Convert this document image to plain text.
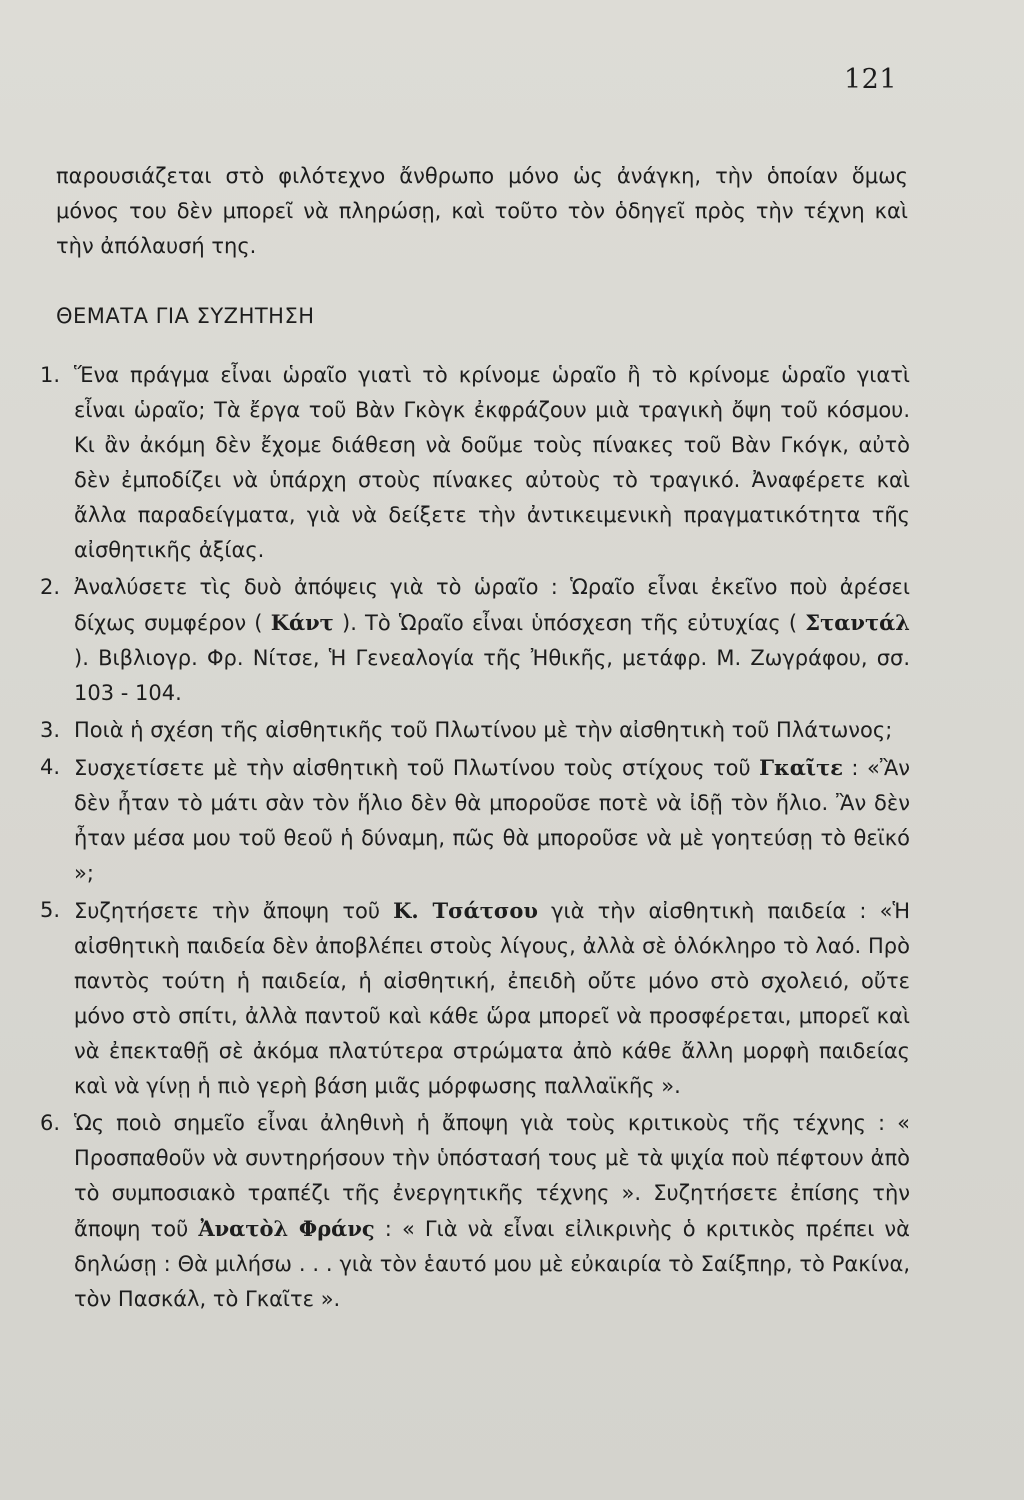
121

παρουσιάζεται στὸ φιλότεχνο ἄνθρωπο μόνο ὡς ἀνάγκη, τὴν ὁποίαν ὅμως μόνος του δὲν μπορεῖ νὰ πληρώσῃ, καὶ τοῦτο τὸν ὁδηγεῖ πρὸς τὴν τέχνη καὶ τὴν ἀπόλαυσή της.

ΘΕΜΑΤΑ ΓΙΑ ΣΥΖΗΤΗΣΗ
1. Ἕνα πράγμα εἶναι ὡραῖο γιατὶ τὸ κρίνομε ὡραῖο ἢ τὸ κρίνομε ὡραῖο γιατὶ εἶναι ὡραῖο; Τὰ ἔργα τοῦ Βὰν Γκὸγκ ἐκφράζουν μιὰ τραγικὴ ὄψη τοῦ κόσμου. Κι ἂν ἀκόμη δὲν ἔχομε διάθεση νὰ δοῦμε τοὺς πίνακες τοῦ Βὰν Γκόγκ, αὐτὸ δὲν ἐμποδίζει νὰ ὑπάρχη στοὺς πίνακες αὐτοὺς τὸ τραγικό. Ἀναφέρετε καὶ ἄλλα παραδείγματα, γιὰ νὰ δείξετε τὴν ἀντικειμενικὴ πραγματικότητα τῆς αἰσθητικῆς ἀξίας.
2. Ἀναλύσετε τὶς δυὸ ἀπόψεις γιὰ τὸ ὡραῖο : Ὡραῖο εἶναι ἐκεῖνο ποὺ ἀρέσει δίχως συμφέρον ( Κάντ ). Τὸ Ὡραῖο εἶναι ὑπόσχεση τῆς εὐτυχίας ( Σταντάλ ). Βιβλιογρ. Φρ. Νίτσε, Ἡ Γενεαλογία τῆς Ἠθικῆς, μετάφρ. Μ. Ζωγράφου, σσ. 103 - 104.
3. Ποιὰ ἡ σχέση τῆς αἰσθητικῆς τοῦ Πλωτίνου μὲ τὴν αἰσθητικὴ τοῦ Πλάτωνος;
4. Συσχετίσετε μὲ τὴν αἰσθητικὴ τοῦ Πλωτίνου τοὺς στίχους τοῦ Γκαῖτε : «Ἂν δὲν ἦταν τὸ μάτι σὰν τὸν ἥλιο δὲν θὰ μποροῦσε ποτὲ νὰ ἰδῇ τὸν ἥλιο. Ἂν δὲν ἦταν μέσα μου τοῦ θεοῦ ἡ δύναμη, πῶς θὰ μποροῦσε νὰ μὲ γοητεύσῃ τὸ θεϊκό »;
5. Συζητήσετε τὴν ἄποψη τοῦ Κ. Τσάτσου γιὰ τὴν αἰσθητικὴ παιδεία : «Ἡ αἰσθητικὴ παιδεία δὲν ἀποβλέπει στοὺς λίγους, ἀλλὰ σὲ ὁλόκληρο τὸ λαό. Πρὸ παντὸς τούτη ἡ παιδεία, ἡ αἰσθητική, ἐπειδὴ οὔτε μόνο στὸ σχολειό, οὔτε μόνο στὸ σπίτι, ἀλλὰ παντοῦ καὶ κάθε ὥρα μπορεῖ νὰ προσφέρεται, μπορεῖ καὶ νὰ ἐπεκταθῇ σὲ ἀκόμα πλατύτερα στρώματα ἀπὸ κάθε ἄλλη μορφὴ παιδείας καὶ νὰ γίνῃ ἡ πιὸ γερὴ βάση μιᾶς μόρφωσης παλλαϊκῆς ».
6. Ὡς ποιὸ σημεῖο εἶναι ἀληθινὴ ἡ ἄποψη γιὰ τοὺς κριτικοὺς τῆς τέχνης : « Προσπαθοῦν νὰ συντηρήσουν τὴν ὑπόστασή τους μὲ τὰ ψιχία ποὺ πέφτουν ἀπὸ τὸ συμποσιακὸ τραπέζι τῆς ἐνεργητικῆς τέχνης ». Συζητήσετε ἐπίσης τὴν ἄποψη τοῦ Ἀνατὸλ Φράνς : « Γιὰ νὰ εἶναι εἰλικρινὴς ὁ κριτικὸς πρέπει νὰ δηλώσῃ : Θὰ μιλήσω . . . γιὰ τὸν ἑαυτό μου μὲ εὐκαιρία τὸ Σαίξπηρ, τὸ Ρακίνα, τὸν Πασκάλ, τὸ Γκαῖτε ».
